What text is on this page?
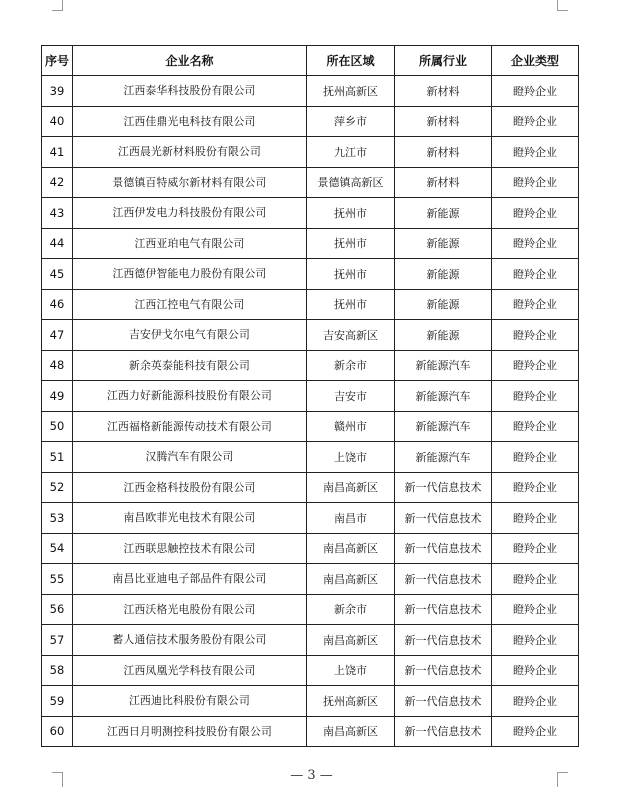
序号	企业名称	所在区域	所属行业	企业类型
39	江西泰华科技股份有限公司	抚州高新区	新材料	瞪羚企业
40	江西佳鼎光电科技有限公司	萍乡市	新材料	瞪羚企业
41	江西晨光新材料股份有限公司	九江市	新材料	瞪羚企业
42	景德镇百特威尔新材料有限公司	景德镇高新区	新材料	瞪羚企业
43	江西伊发电力科技股份有限公司	抚州市	新能源	瞪羚企业
44	江西亚珀电气有限公司	抚州市	新能源	瞪羚企业
45	江西德伊智能电力股份有限公司	抚州市	新能源	瞪羚企业
46	江西江控电气有限公司	抚州市	新能源	瞪羚企业
47	吉安伊戈尔电气有限公司	吉安高新区	新能源	瞪羚企业
48	新余英泰能科技有限公司	新余市	新能源汽车	瞪羚企业
49	江西力好新能源科技股份有限公司	吉安市	新能源汽车	瞪羚企业
50	江西福格新能源传动技术有限公司	赣州市	新能源汽车	瞪羚企业
51	汉腾汽车有限公司	上饶市	新能源汽车	瞪羚企业
52	江西金格科技股份有限公司	南昌高新区	新一代信息技术	瞪羚企业
53	南昌欧菲光电技术有限公司	南昌市	新一代信息技术	瞪羚企业
54	江西联思触控技术有限公司	南昌高新区	新一代信息技术	瞪羚企业
55	南昌比亚迪电子部品件有限公司	南昌高新区	新一代信息技术	瞪羚企业
56	江西沃格光电股份有限公司	新余市	新一代信息技术	瞪羚企业
57	蓄人通信技术服务股份有限公司	南昌高新区	新一代信息技术	瞪羚企业
58	江西凤凰光学科技有限公司	上饶市	新一代信息技术	瞪羚企业
59	江西迪比科股份有限公司	抚州高新区	新一代信息技术	瞪羚企业
60	江西日月明测控科技股份有限公司	南昌高新区	新一代信息技术	瞪羚企业
— 3 —
